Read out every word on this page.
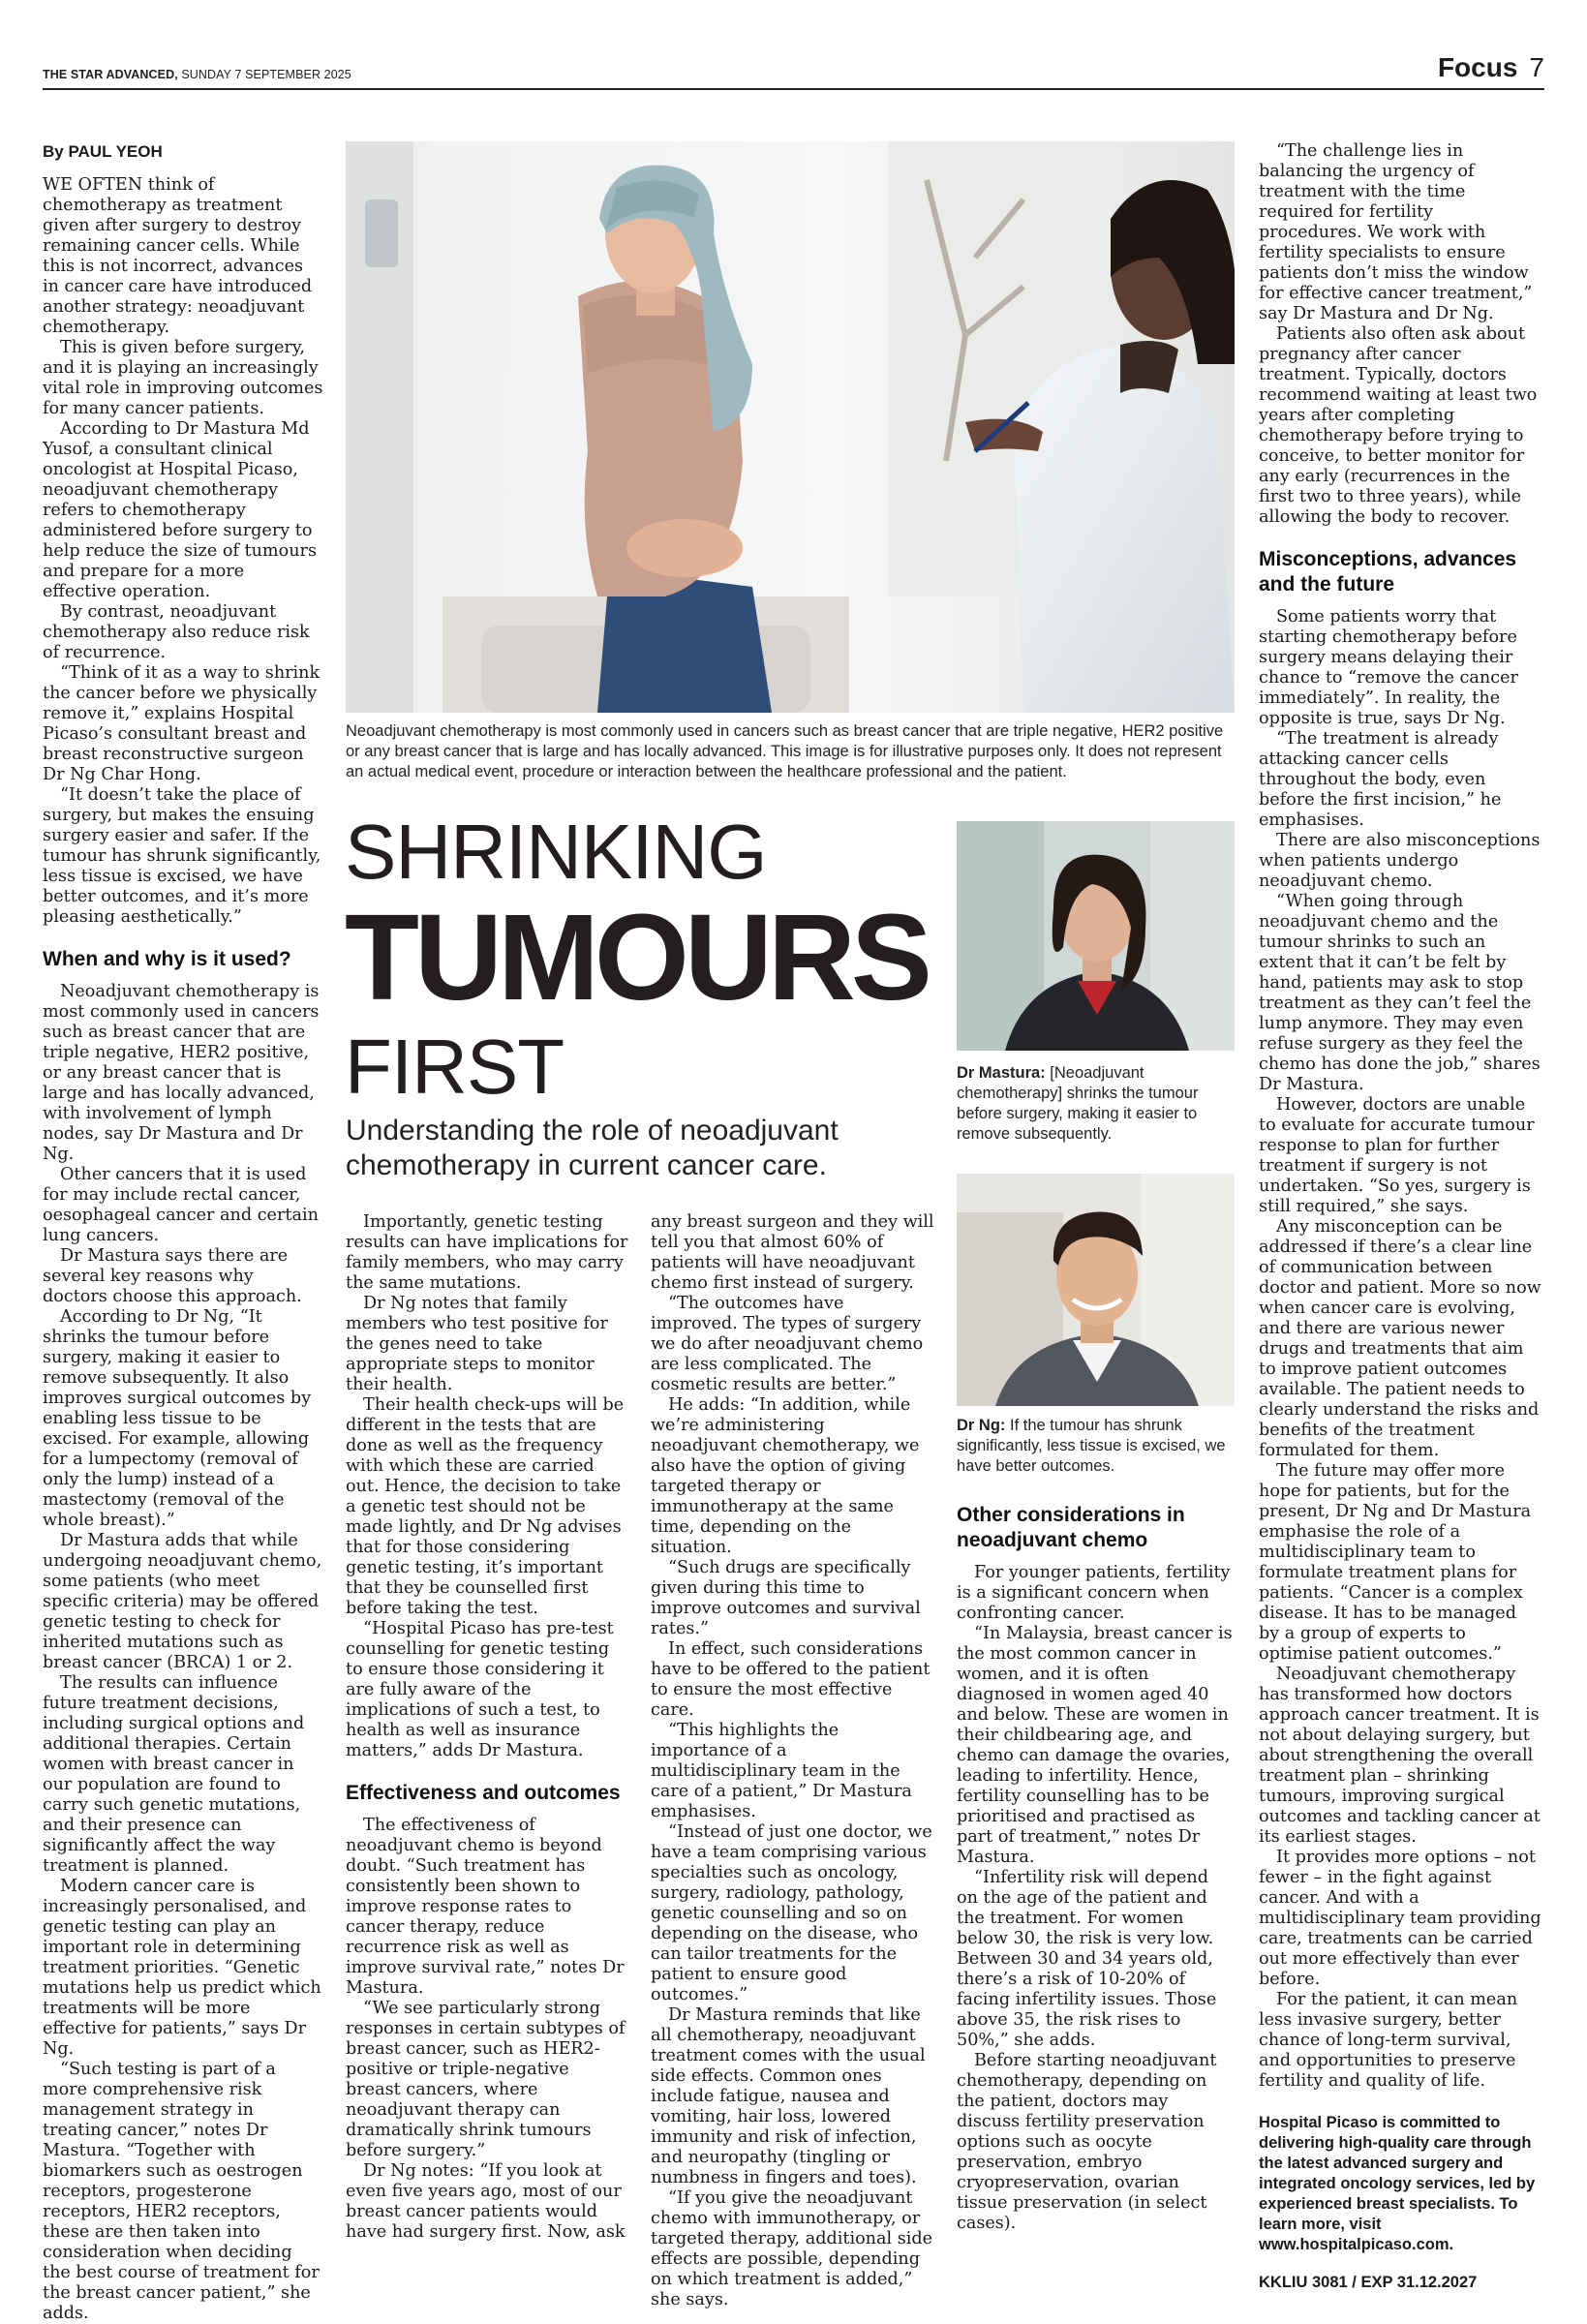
THE STAR ADVANCED, SUNDAY 7 SEPTEMBER 2025	Focus 7
By PAUL YEOH

WE OFTEN think of chemotherapy as treatment given after surgery to destroy remaining cancer cells. While this is not incorrect, advances in cancer care have introduced another strategy: neoadjuvant chemotherapy.

This is given before surgery, and it is playing an increasingly vital role in improving outcomes for many cancer patients.

According to Dr Mastura Md Yusof, a consultant clinical oncologist at Hospital Picaso, neoadjuvant chemotherapy refers to chemotherapy administered before surgery to help reduce the size of tumours and prepare for a more effective operation.

By contrast, neoadjuvant chemotherapy also reduce risk of recurrence.

“Think of it as a way to shrink the cancer before we physically remove it,” explains Hospital Picaso’s consultant breast and breast reconstructive surgeon Dr Ng Char Hong.

“It doesn’t take the place of surgery, but makes the ensuing surgery easier and safer. If the tumour has shrunk significantly, less tissue is excised, we have better outcomes, and it’s more pleasing aesthetically.”

When and why is it used?

Neoadjuvant chemotherapy is most commonly used in cancers such as breast cancer that are triple negative, HER2 positive, or any breast cancer that is large and has locally advanced, with involvement of lymph nodes, say Dr Mastura and Dr Ng.

Other cancers that it is used for may include rectal cancer, oesophageal cancer and certain lung cancers.

Dr Mastura says there are several key reasons why doctors choose this approach.

According to Dr Ng, “It shrinks the tumour before surgery, making it easier to remove subsequently. It also improves surgical outcomes by enabling less tissue to be excised. For example, allowing for a lumpectomy (removal of only the lump) instead of a mastectomy (removal of the whole breast).”

Dr Mastura adds that while undergoing neoadjuvant chemo, some patients (who meet specific criteria) may be offered genetic testing to check for inherited mutations such as breast cancer (BRCA) 1 or 2.

The results can influence future treatment decisions, including surgical options and additional therapies. Certain women with breast cancer in our population are found to carry such genetic mutations, and their presence can significantly affect the way treatment is planned.

Modern cancer care is increasingly personalised, and genetic testing can play an important role in determining treatment priorities. “Genetic mutations help us predict which treatments will be more effective for patients,” says Dr Ng.

“Such testing is part of a more comprehensive risk management strategy in treating cancer,” notes Dr Mastura. “Together with biomarkers such as oestrogen receptors, progesterone receptors, HER2 receptors, these are then taken into consideration when deciding the best course of treatment for the breast cancer patient,” she adds.

Neoadjuvant chemotherapy is most commonly used in cancers such as breast cancer that are triple negative, HER2 positive or any breast cancer that is large and has locally advanced. This image is for illustrative purposes only. It does not represent an actual medical event, procedure or interaction between the healthcare professional and the patient.
SHRINKING
TUMOURS
FIRST
Understanding the role of neoadjuvant chemotherapy in current cancer care.

Importantly, genetic testing results can have implications for family members, who may carry the same mutations.

Dr Ng notes that family members who test positive for the genes need to take appropriate steps to monitor their health.

Their health check-ups will be different in the tests that are done as well as the frequency with which these are carried out. Hence, the decision to take a genetic test should not be made lightly, and Dr Ng advises that for those considering genetic testing, it’s important that they be counselled first before taking the test.

“Hospital Picaso has pre-test counselling for genetic testing to ensure those considering it are fully aware of the implications of such a test, to health as well as insurance matters,” adds Dr Mastura.

Effectiveness and outcomes

The effectiveness of neoadjuvant chemo is beyond doubt. “Such treatment has consistently been shown to improve response rates to cancer therapy, reduce recurrence risk as well as improve survival rate,” notes Dr Mastura.

“We see particularly strong responses in certain subtypes of breast cancer, such as HER2-positive or triple-negative breast cancers, where neoadjuvant therapy can dramatically shrink tumours before surgery.”

Dr Ng notes: “If you look at even five years ago, most of our breast cancer patients would have had surgery first. Now, ask

any breast surgeon and they will tell you that almost 60% of patients will have neoadjuvant chemo first instead of surgery.

“The outcomes have improved. The types of surgery we do after neoadjuvant chemo are less complicated. The cosmetic results are better.”

He adds: “In addition, while we’re administering neoadjuvant chemotherapy, we also have the option of giving targeted therapy or immunotherapy at the same time, depending on the situation.

“Such drugs are specifically given during this time to improve outcomes and survival rates.”

In effect, such considerations have to be offered to the patient to ensure the most effective care.

“This highlights the importance of a multidisciplinary team in the care of a patient,” Dr Mastura emphasises.

“Instead of just one doctor, we have a team comprising various specialties such as oncology, surgery, radiology, pathology, genetic counselling and so on depending on the disease, who can tailor treatments for the patient to ensure good outcomes.”

Dr Mastura reminds that like all chemotherapy, neoadjuvant treatment comes with the usual side effects. Common ones include fatigue, nausea and vomiting, hair loss, lowered immunity and risk of infection, and neuropathy (tingling or numbness in fingers and toes).

“If you give the neoadjuvant chemo with immunotherapy, or targeted therapy, additional side effects are possible, depending on which treatment is added,” she says.

Dr Mastura: [Neoadjuvant chemotherapy] shrinks the tumour before surgery, making it easier to remove subsequently.
Dr Ng: If the tumour has shrunk significantly, less tissue is excised, we have better outcomes.
Other considerations in neoadjuvant chemo

For younger patients, fertility is a significant concern when confronting cancer.

“In Malaysia, breast cancer is the most common cancer in women, and it is often diagnosed in women aged 40 and below. These are women in their childbearing age, and chemo can damage the ovaries, leading to infertility. Hence, fertility counselling has to be prioritised and practised as part of treatment,” notes Dr Mastura.

“Infertility risk will depend on the age of the patient and the treatment. For women below 30, the risk is very low. Between 30 and 34 years old, there’s a risk of 10-20% of facing infertility issues. Those above 35, the risk rises to 50%,” she adds.

Before starting neoadjuvant chemotherapy, depending on the patient, doctors may discuss fertility preservation options such as oocyte preservation, embryo cryopreservation, ovarian tissue preservation (in select cases).

“The challenge lies in balancing the urgency of treatment with the time required for fertility procedures. We work with fertility specialists to ensure patients don’t miss the window for effective cancer treatment,” say Dr Mastura and Dr Ng.

Patients also often ask about pregnancy after cancer treatment. Typically, doctors recommend waiting at least two years after completing chemotherapy before trying to conceive, to better monitor for any early (recurrences in the first two to three years), while allowing the body to recover.

Misconceptions, advances and the future

Some patients worry that starting chemotherapy before surgery means delaying their chance to “remove the cancer immediately”. In reality, the opposite is true, says Dr Ng.

“The treatment is already attacking cancer cells throughout the body, even before the first incision,” he emphasises.

There are also misconceptions when patients undergo neoadjuvant chemo.

“When going through neoadjuvant chemo and the tumour shrinks to such an extent that it can’t be felt by hand, patients may ask to stop treatment as they can’t feel the lump anymore. They may even refuse surgery as they feel the chemo has done the job,” shares Dr Mastura.

However, doctors are unable to evaluate for accurate tumour response to plan for further treatment if surgery is not undertaken. “So yes, surgery is still required,” she says.

Any misconception can be addressed if there’s a clear line of communication between doctor and patient. More so now when cancer care is evolving, and there are various newer drugs and treatments that aim to improve patient outcomes available. The patient needs to clearly understand the risks and benefits of the treatment formulated for them.

The future may offer more hope for patients, but for the present, Dr Ng and Dr Mastura emphasise the role of a multidisciplinary team to formulate treatment plans for patients. “Cancer is a complex disease. It has to be managed by a group of experts to optimise patient outcomes.”

Neoadjuvant chemotherapy has transformed how doctors approach cancer treatment. It is not about delaying surgery, but about strengthening the overall treatment plan – shrinking tumours, improving surgical outcomes and tackling cancer at its earliest stages.

It provides more options – not fewer – in the fight against cancer. And with a multidisciplinary team providing care, treatments can be carried out more effectively than ever before.

For the patient, it can mean less invasive surgery, better chance of long-term survival, and opportunities to preserve fertility and quality of life.

Hospital Picaso is committed to delivering high-quality care through the latest advanced surgery and integrated oncology services, led by experienced breast specialists. To learn more, visit www.hospitalpicaso.com.
KKLIU 3081 / EXP 31.12.2027
